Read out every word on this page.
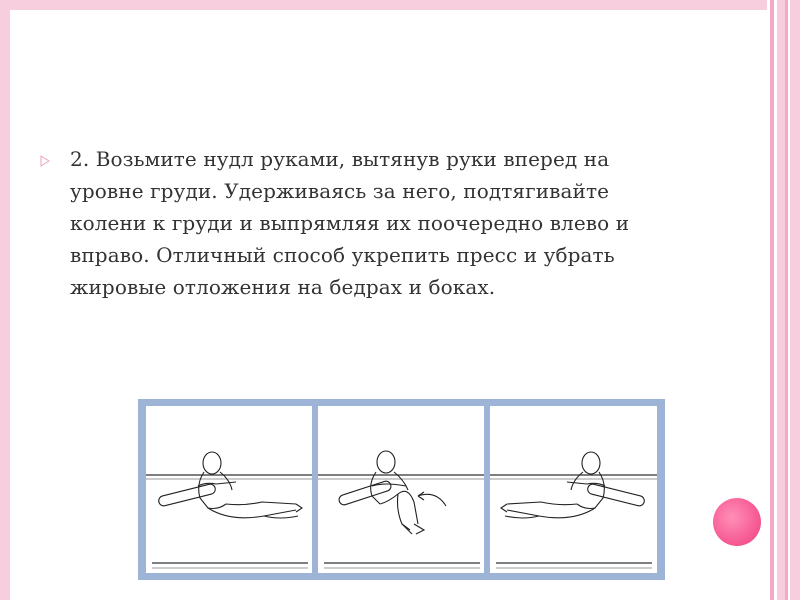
2. Возьмите нудл руками, вытянув руки вперед на уровне груди. Удерживаясь за него, подтягивайте колени к груди и выпрямляя их поочередно влево и вправо. Отличный способ укрепить пресс и убрать жировые отложения на бедрах и боках.
